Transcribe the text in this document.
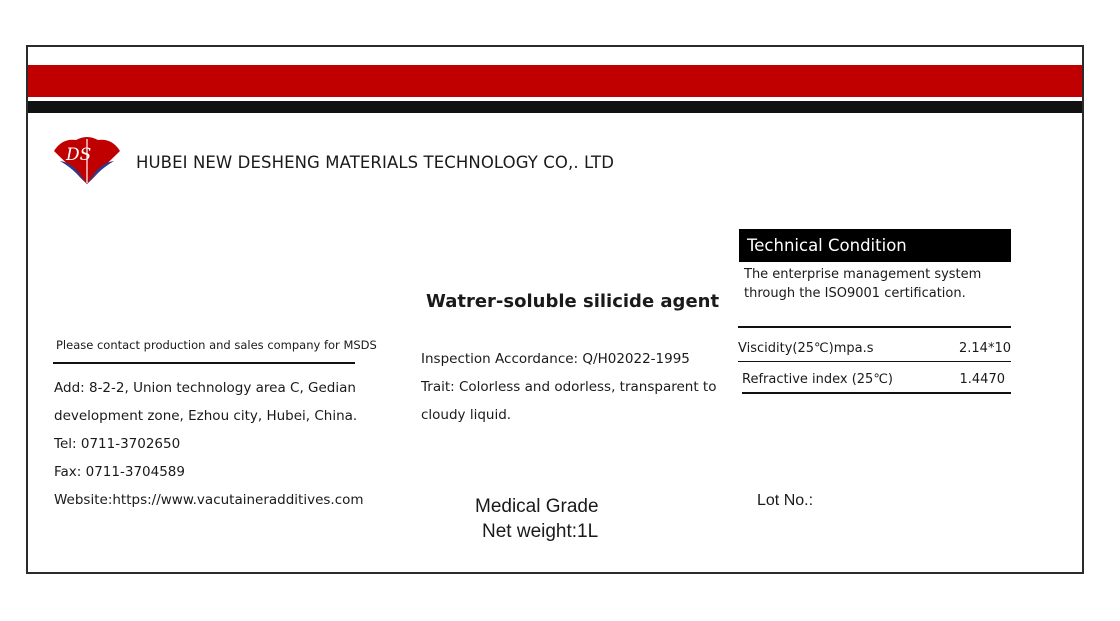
DS	HUBEI NEW DESHENG MATERIALS TECHNOLOGY CO,. LTD
Watrer-soluble silicide agent
Please contact production and sales company for MSDS
Add: 8-2-2, Union technology area C, Gedian
development zone, Ezhou city, Hubei, China.
Tel: 0711-3702650
Fax: 0711-3704589
Website:https://www.vacutaineradditives.com
Inspection Accordance: Q/H02022-1995
Trait: Colorless and odorless, transparent to
cloudy liquid.
Technical Condition
The enterprise management system through the ISO9001 certification.
Viscidity(25℃)mpa.s	2.14*10
Refractive index (25℃)	1.4470
Medical Grade
Net weight:1L
Lot No.:
